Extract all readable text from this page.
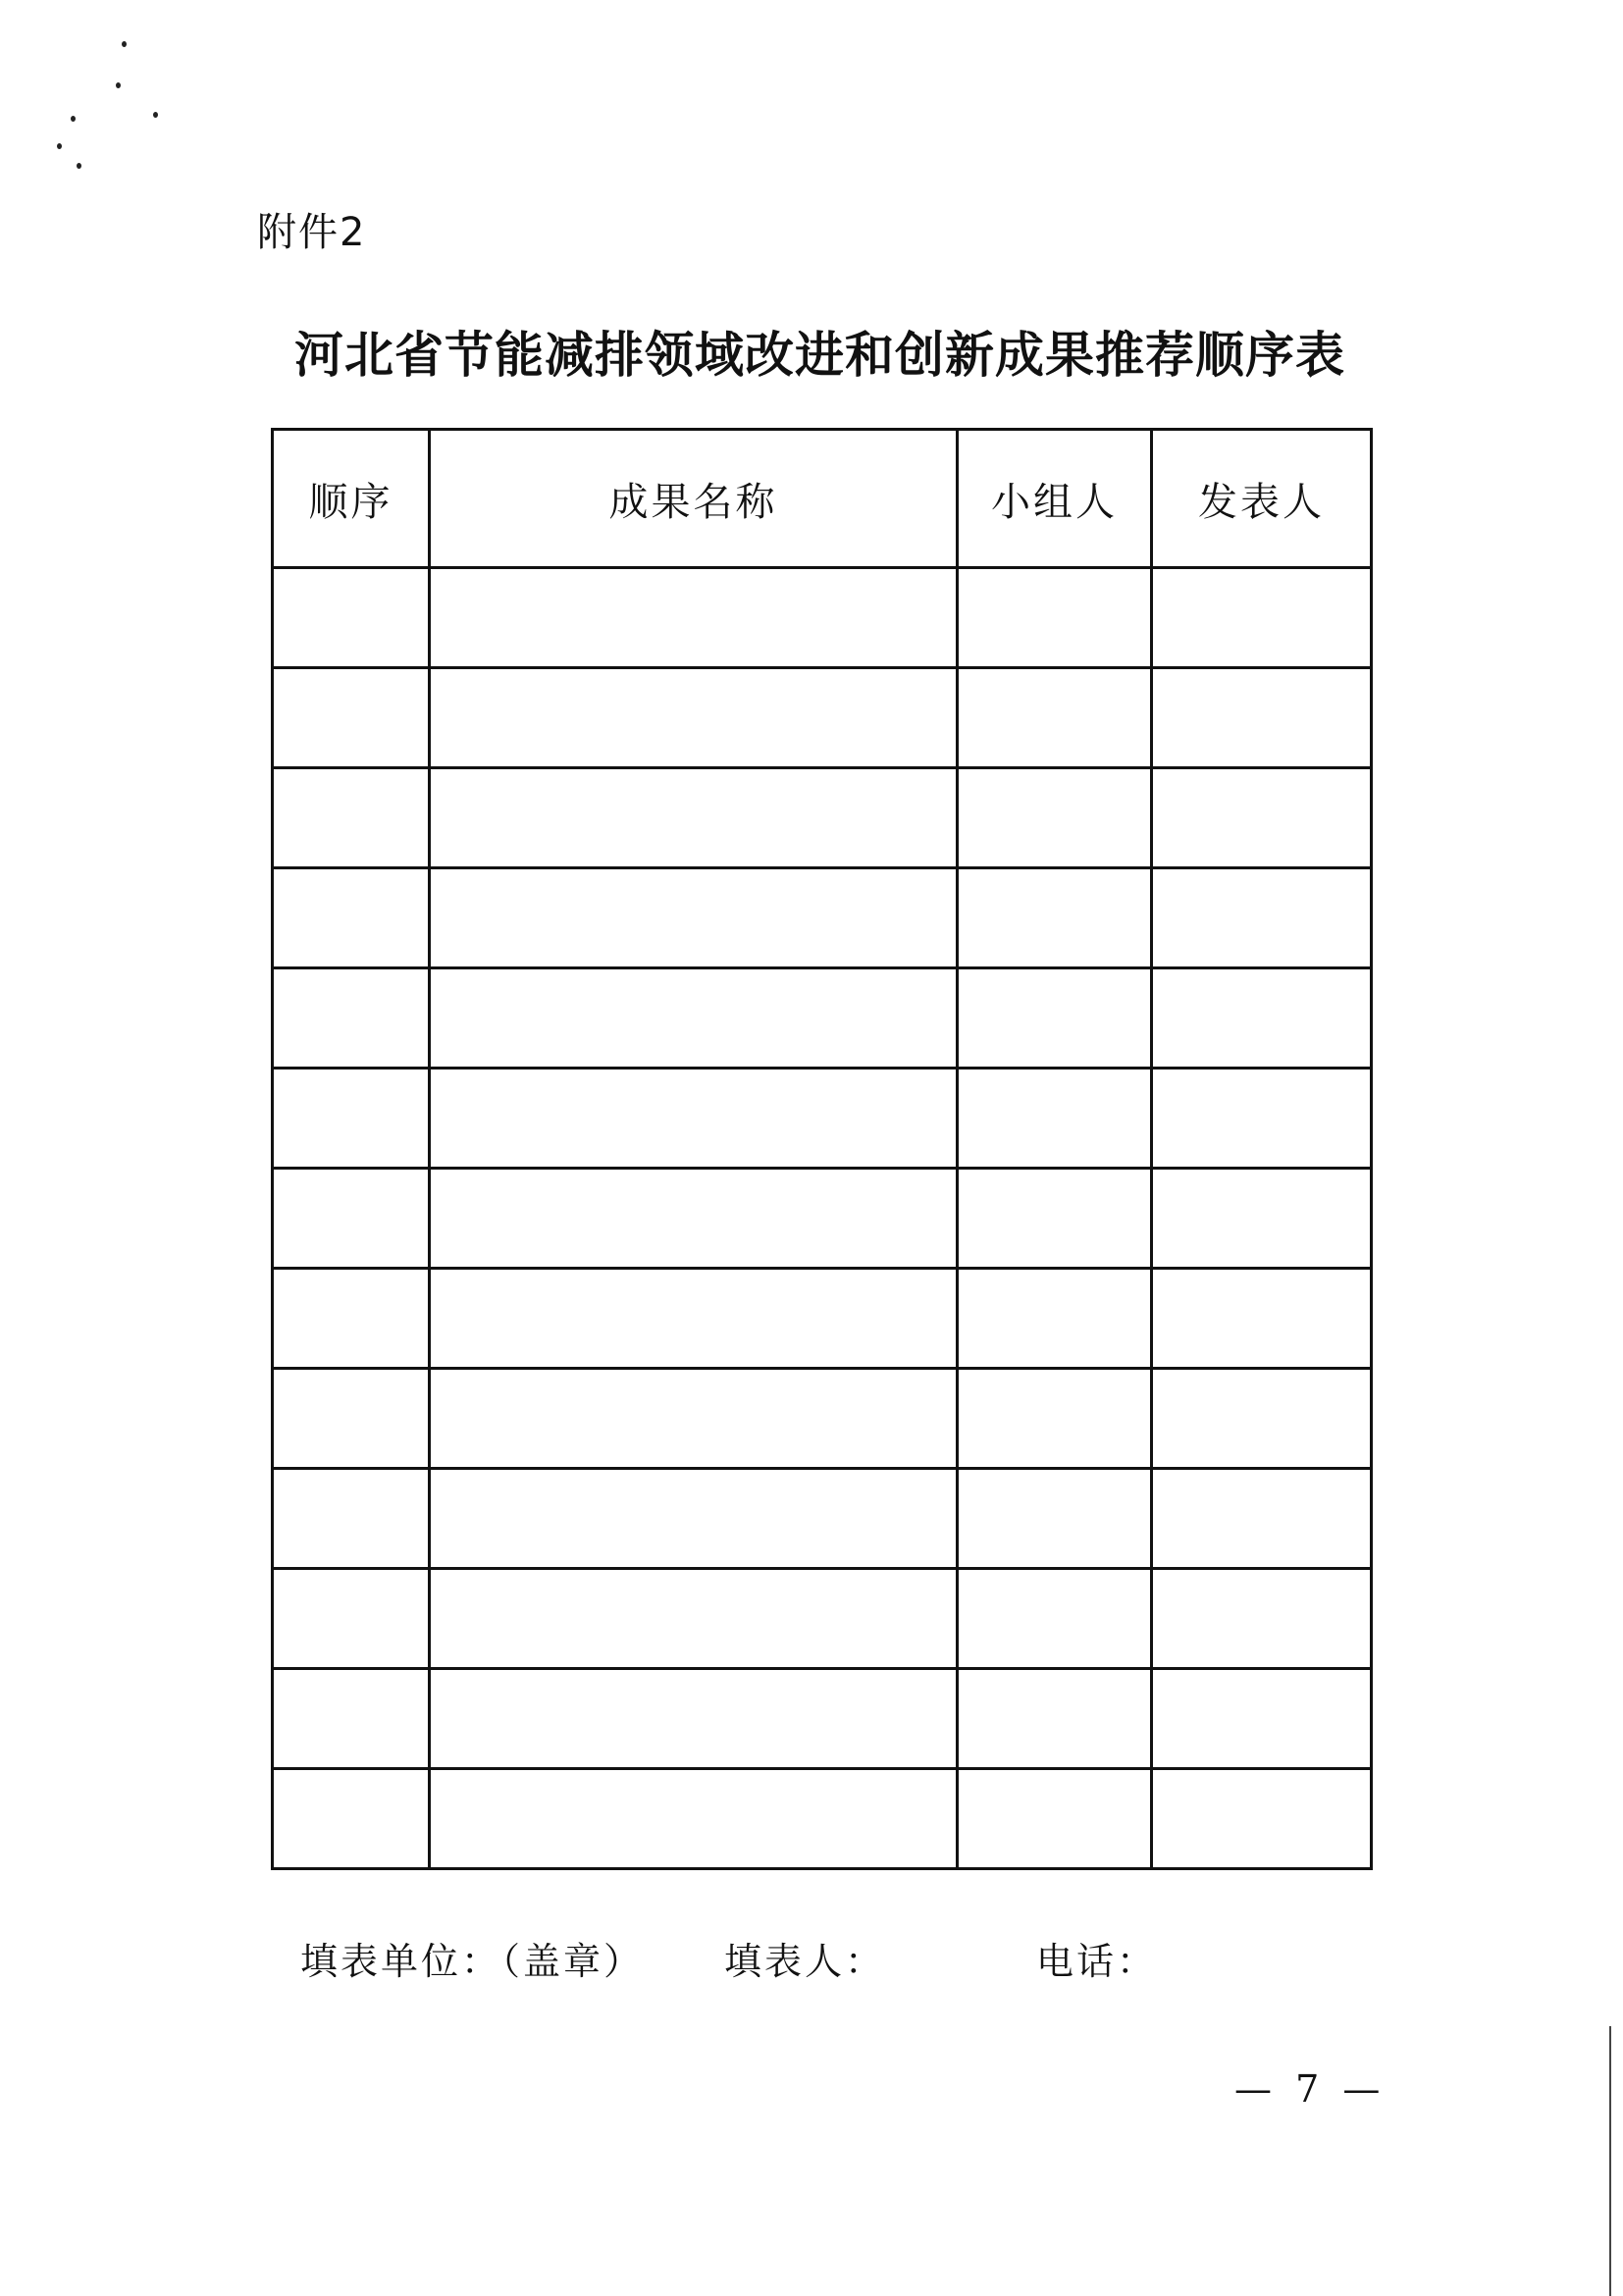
附件2
河北省节能减排领域改进和创新成果推荐顺序表
顺序	成果名称	小组人	发表人

填表单位：（盖章） 填表人：	电话：
— 7 —
